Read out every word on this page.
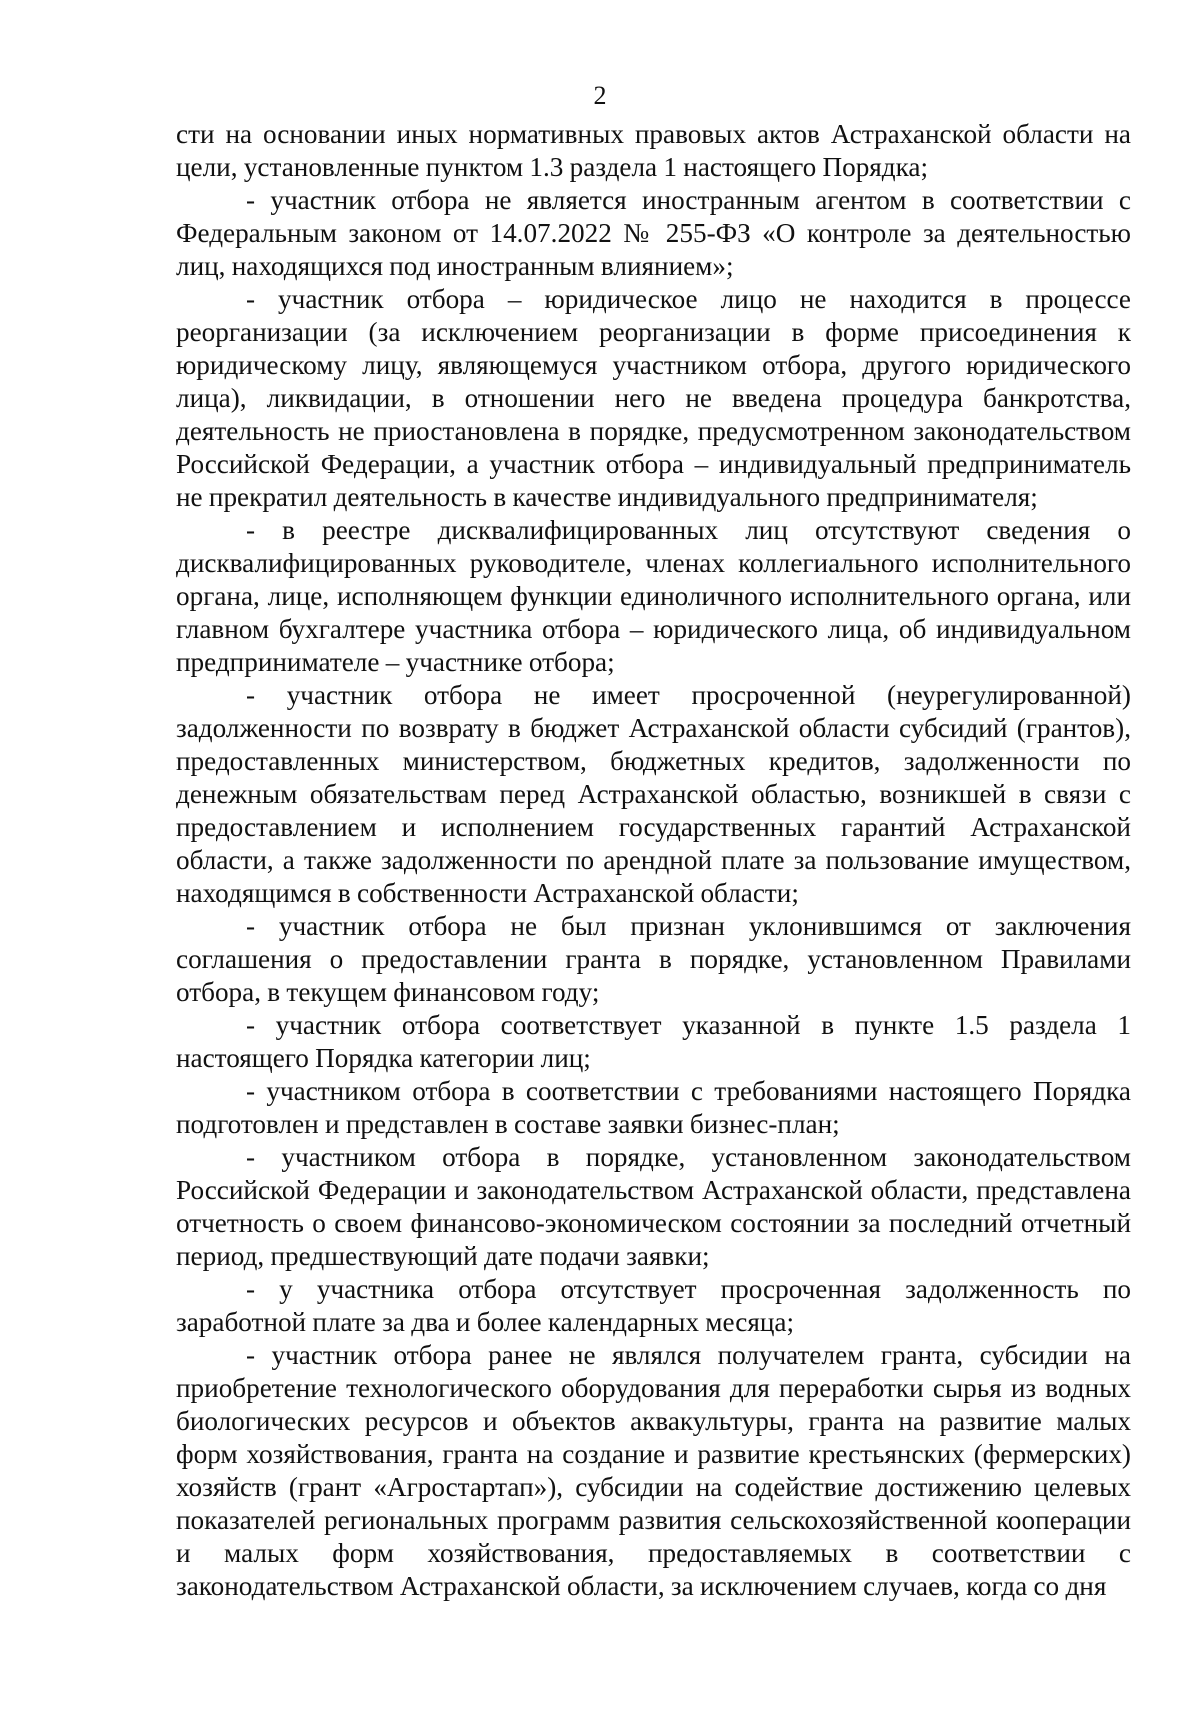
2

сти на основании иных нормативных правовых актов Астраханской области на цели, установленные пунктом 1.3 раздела 1 настоящего Порядка;

- участник отбора не является иностранным агентом в соответствии с Федеральным законом от 14.07.2022 № 255-ФЗ «О контроле за деятельностью лиц, находящихся под иностранным влиянием»;

- участник отбора – юридическое лицо не находится в процессе реорганизации (за исключением реорганизации в форме присоединения к юридическому лицу, являющемуся участником отбора, другого юридического лица), ликвидации, в отношении него не введена процедура банкротства, деятельность не приостановлена в порядке, предусмотренном законодательством Российской Федерации, а участник отбора – индивидуальный предприниматель не прекратил деятельность в качестве индивидуального предпринимателя;

- в реестре дисквалифицированных лиц отсутствуют сведения о дисквалифицированных руководителе, членах коллегиального исполнительного органа, лице, исполняющем функции единоличного исполнительного органа, или главном бухгалтере участника отбора – юридического лица, об индивидуальном предпринимателе – участнике отбора;

- участник отбора не имеет просроченной (неурегулированной) задолженности по возврату в бюджет Астраханской области субсидий (грантов), предоставленных министерством, бюджетных кредитов, задолженности по денежным обязательствам перед Астраханской областью, возникшей в связи с предоставлением и исполнением государственных гарантий Астраханской области, а также задолженности по арендной плате за пользование имуществом, находящимся в собственности Астраханской области;

- участник отбора не был признан уклонившимся от заключения соглашения о предоставлении гранта в порядке, установленном Правилами отбора, в текущем финансовом году;

- участник отбора соответствует указанной в пункте 1.5 раздела 1 настоящего Порядка категории лиц;

- участником отбора в соответствии с требованиями настоящего Порядка подготовлен и представлен в составе заявки бизнес-план;

- участником отбора в порядке, установленном законодательством Российской Федерации и законодательством Астраханской области, представлена отчетность о своем финансово-экономическом состоянии за последний отчетный период, предшествующий дате подачи заявки;

- у участника отбора отсутствует просроченная задолженность по заработной плате за два и более календарных месяца;

- участник отбора ранее не являлся получателем гранта, субсидии на приобретение технологического оборудования для переработки сырья из водных биологических ресурсов и объектов аквакультуры, гранта на развитие малых форм хозяйствования, гранта на создание и развитие крестьянских (фермерских) хозяйств (грант «Агростартап»), субсидии на содействие достижению целевых показателей региональных программ развития сельскохозяйственной кооперации и малых форм хозяйствования, предоставляемых в соответствии с законодательством Астраханской области, за исключением случаев, когда со дня
